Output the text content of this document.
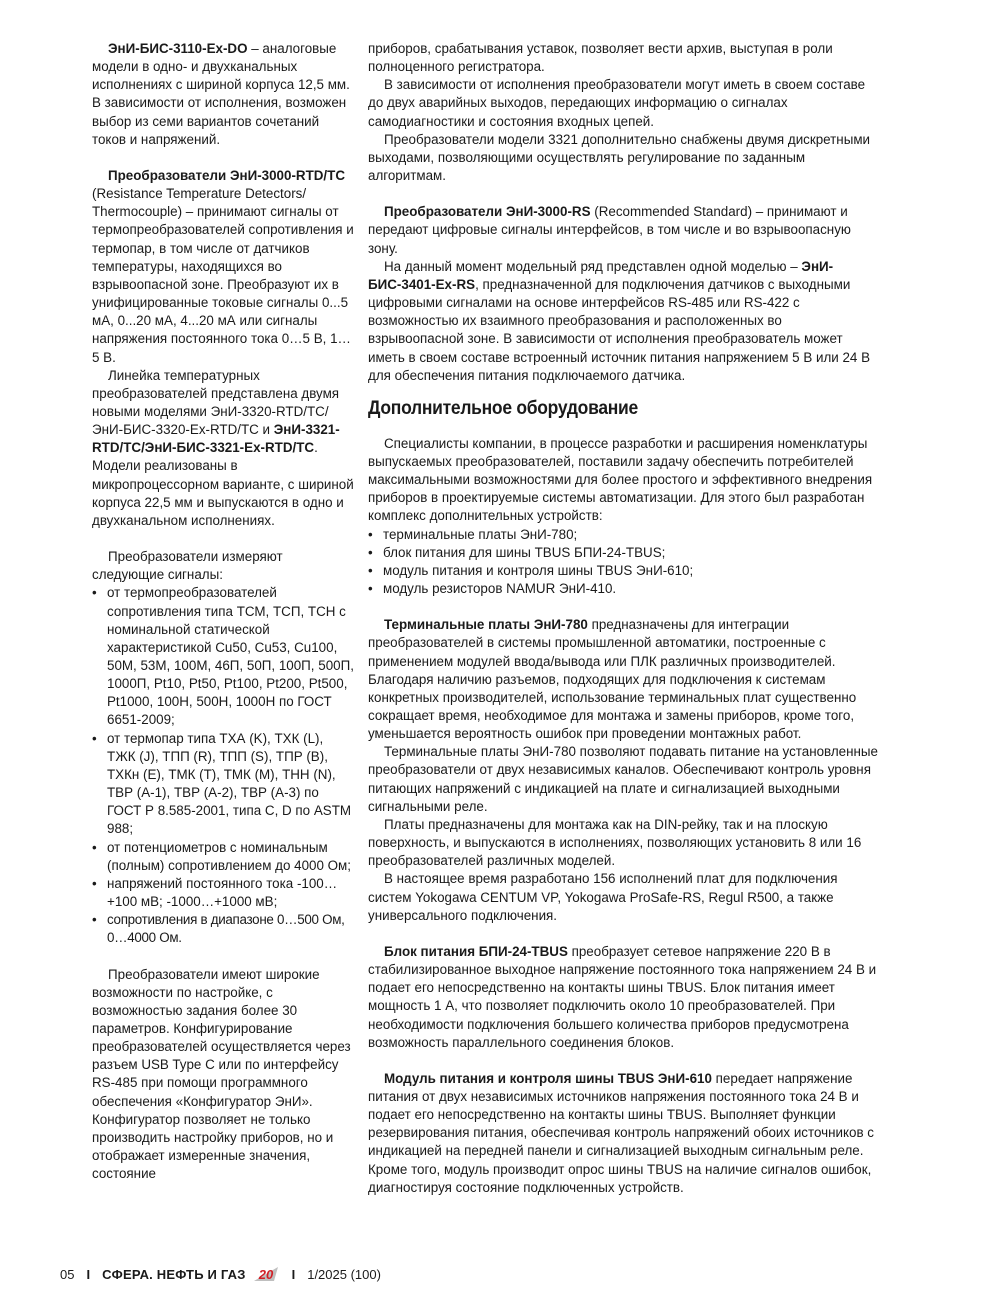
ЭнИ-БИС-3110-Ex-DO – аналоговые модели в одно- и двухканальных исполнениях с шириной корпуса 12,5 мм. В зависимости от исполнения, возможен выбор из семи вариантов сочетаний токов и напряжений.

Преобразователи ЭнИ-3000-RTD/TC (Resistance Temperature Detectors/ Thermocouple) – принимают сигналы от термопреобразователей сопротивления и термопар, в том числе от датчиков температуры, находящихся во взрывоопасной зоне. Преобразуют их в унифицированные токовые сигналы 0...5 мА, 0...20 мА, 4...20 мА или сигналы напряжения постоянного тока 0…5 В, 1…5 В.

Линейка температурных преобразователей представлена двумя новыми моделями ЭнИ-3320-RTD/TC/ ЭнИ-БИС-3320-Ex-RTD/TC и ЭнИ-3321-RTD/TC/ЭнИ-БИС-3321-Ex-RTD/TC. Модели реализованы в микропроцессорном варианте, с шириной корпуса 22,5 мм и выпускаются в одно и двухканальном исполнениях.

Преобразователи измеряют следующие сигналы:

• от термопреобразователей сопротивления типа ТСМ, ТСП, ТСН с номинальной статической характеристикой Cu50, Cu53, Cu100, 50М, 53М, 100М, 46П, 50П, 100П, 500П, 1000П, Pt10, Pt50, Pt100, Pt200, Pt500, Pt1000, 100Н, 500Н, 1000Н по ГОСТ 6651-2009;
• от термопар типа ТХА (K), ТХК (L), ТЖК (J), ТПП (R), ТПП (S), ТПР (B), ТХКн (E), ТМК (T), ТМК (M), ТНН (N), ТВР (А-1), ТВР (А-2), ТВР (А-3) по ГОСТ Р 8.585-2001, типа С, D по ASTM 988;
• от потенциометров с номинальным (полным) сопротивлением до 4000 Ом;
• напряжений постоянного тока -100…+100 мВ; -1000…+1000 мВ;
• сопротивления в диапазоне 0…500 Ом, 0…4000 Ом.

Преобразователи имеют широкие возможности по настройке, с возможностью задания более 30 параметров. Конфигурирование преобразователей осуществляется через разъем USB Type C или по интерфейсу RS-485 при помощи программного обеспечения «Конфигуратор ЭнИ». Конфигуратор позволяет не только производить настройку приборов, но и отображает измеренные значения, состояние

приборов, срабатывания уставок, позволяет вести архив, выступая в роли полноценного регистратора.

В зависимости от исполнения преобразователи могут иметь в своем составе до двух аварийных выходов, передающих информацию о сигналах самодиагностики и состояния входных цепей.

Преобразователи модели 3321 дополнительно снабжены двумя дискретными выходами, позволяющими осуществлять регулирование по заданным алгоритмам.

Преобразователи ЭнИ-3000-RS (Recommended Standard) – принимают и передают цифровые сигналы интерфейсов, в том числе и во взрывоопасную зону.

На данный момент модельный ряд представлен одной моделью – ЭнИ-БИС-3401-Ex-RS, предназначенной для подключения датчиков с выходными цифровыми сигналами на основе интерфейсов RS-485 или RS-422 с возможностью их взаимного преобразования и расположенных во взрывоопасной зоне. В зависимости от исполнения преобразователь может иметь в своем составе встроенный источник питания напряжением 5 В или 24 В для обеспечения питания подключаемого датчика.

Дополнительное оборудование

Специалисты компании, в процессе разработки и расширения номенклатуры выпускаемых преобразователей, поставили задачу обеспечить потребителей максимальными возможностями для более простого и эффективного внедрения приборов в проектируемые системы автоматизации. Для этого был разработан комплекс дополнительных устройств:

• терминальные платы ЭнИ-780;
• блок питания для шины TBUS БПИ-24-TBUS;
• модуль питания и контроля шины TBUS ЭнИ-610;
• модуль резисторов NAMUR ЭнИ-410.

Терминальные платы ЭнИ-780 предназначены для интеграции преобразователей в системы промышленной автоматики, построенные с применением модулей ввода/вывода или ПЛК различных производителей. Благодаря наличию разъемов, подходящих для подключения к системам конкретных производителей, использование терминальных плат существенно сокращает время, необходимое для монтажа и замены приборов, кроме того, уменьшается вероятность ошибок при проведении монтажных работ.

Терминальные платы ЭнИ-780 позволяют подавать питание на установленные преобразователи от двух независимых каналов. Обеспечивают контроль уровня питающих напряжений с индикацией на плате и сигнализацией выходными сигнальными реле.

Платы предназначены для монтажа как на DIN-рейку, так и на плоскую поверхность, и выпускаются в исполнениях, позволяющих установить 8 или 16 преобразователей различных моделей.

В настоящее время разработано 156 исполнений плат для подключения систем Yokogawa CENTUM VP, Yokogawa ProSafe-RS, Regul R500, а также универсального подключения.

Блок питания БПИ-24-TBUS преобразует сетевое напряжение 220 В в стабилизированное выходное напряжение постоянного тока напряжением 24 В и подает его непосредственно на контакты шины TBUS. Блок питания имеет мощность 1 А, что позволяет подключить около 10 преобразователей. При необходимости подключения большего количества приборов предусмотрена возможность параллельного соединения блоков.

Модуль питания и контроля шины TBUS ЭнИ-610 передает напряжение питания от двух независимых источников напряжения постоянного тока 24 В и подает его непосредственно на контакты шины TBUS. Выполняет функции резервирования питания, обеспечивая контроль напряжений обоих источников с индикацией на передней панели и сигнализацией выходным сигнальным реле. Кроме того, модуль производит опрос шины TBUS на наличие сигналов ошибок, диагностируя состояние подключенных устройств.

05 I СФЕРА. НЕФТЬ И ГАЗ 20 I 1/2025 (100)
